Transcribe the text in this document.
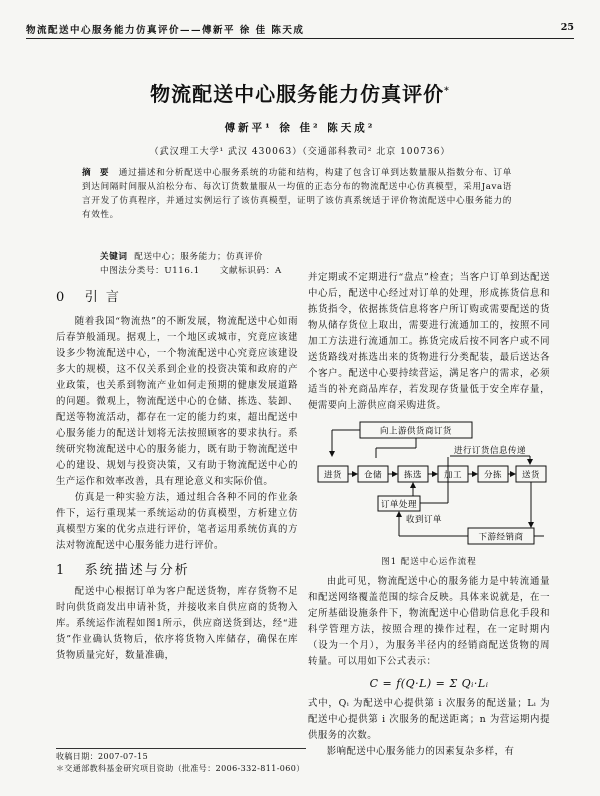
物流配送中心服务能力仿真评价——傅新平 徐 佳 陈天成	25
物流配送中心服务能力仿真评价*
傅新平¹ 徐 佳² 陈天成²
（武汉理工大学¹ 武汉 430063）（交通部科教司² 北京 100736）
摘 要 通过描述和分析配送中心服务系统的功能和结构，构建了包含订单到达数量服从指数分布、订单到达间隔时间服从泊松分布、每次订货数量服从一均值的正态分布的物流配送中心仿真模型，采用Java语言开发了仿真程序，并通过实例运行了该仿真模型，证明了该仿真系统适于评价物流配送中心服务能力的有效性。
关键词 配送中心；服务能力；仿真评价
中图法分类号：U116.1 文献标识码：A
0 引 言

随着我国“物流热”的不断发展，物流配送中心如雨后春笋般涌现。据观上，一个地区或城市，究竟应该建设多少物流配送中心，一个物流配送中心究竟应该建设多大的规模，这不仅关系到企业的投资决策和政府的产业政策，也关系到物流产业如何走预期的健康发展道路的问题。微观上，物流配送中心的仓储、拣选、装卸、配送等物流活动，都存在一定的能力约束，超出配送中心服务能力的配送计划将无法按照顾客的要求执行。系统研究物流配送中心的服务能力，既有助于物流配送中心的建设、规划与投资决策，又有助于物流配送中心的生产运作和效率改善，具有理论意义和实际价值。

仿真是一种实验方法，通过组合各种不同的作业条件下，运行重现某一系统运动的仿真模型，方析建立仿真模型方案的优劣点进行评价，笔者运用系统仿真的方法对物流配送中心服务能力进行评价。

1 系统描述与分析

配送中心根据订单为客户配送货物，库存货物不足时向供货商发出申请补货，并接收来自供应商的货物入库。系统运作流程如图1所示，供应商送货到达，经“进货”作业确认货物后，依序将货物入库储存，确保在库货物质量完好，数量准确，

并定期或不定期进行“盘点”检查；当客户订单到达配送中心后，配送中心经过对订单的处理，形成拣货信息和拣货指令，依据拣货信息将客户所订购或需要配送的货物从储存货位上取出，需要进行流通加工的，按照不同加工方法进行流通加工。拣货完成后按不同客户或不同送货路线对拣选出来的货物进行分类配装，最后送达各个客户。配送中心要持续营运，满足客户的需求，必须适当的补充商品库存，若发现存货量低于安全库存量，便需要向上游供应商采购进货。

向上游供货商订货
进行订货信息传递
进货	仓储	拣选	加工	分拣 送货
订单处理
收到订单
下游经销商
图1 配送中心运作流程

由此可见，物流配送中心的服务能力是中转流通量和配送网络覆盖范围的综合反映。具体来说就是，在一定所基础设施条件下，物流配送中心借助信息化手段和科学管理方法，按照合理的操作过程，在一定时期内（设为一个月），为服务半径内的经销商配送货物的周转量。可以用如下公式表示：

C = f(Q·L) = Σ Qᵢ·Lᵢ

式中，Qᵢ 为配送中心提供第 i 次服务的配送量；Lᵢ 为配送中心提供第 i 次服务的配送距离；n 为营运期内提供服务的次数。

影响配送中心服务能力的因素复杂多样，有

收稿日期：2007-07-15
＊交通部教科基金研究项目资助（批准号：2006-332-811-060）
